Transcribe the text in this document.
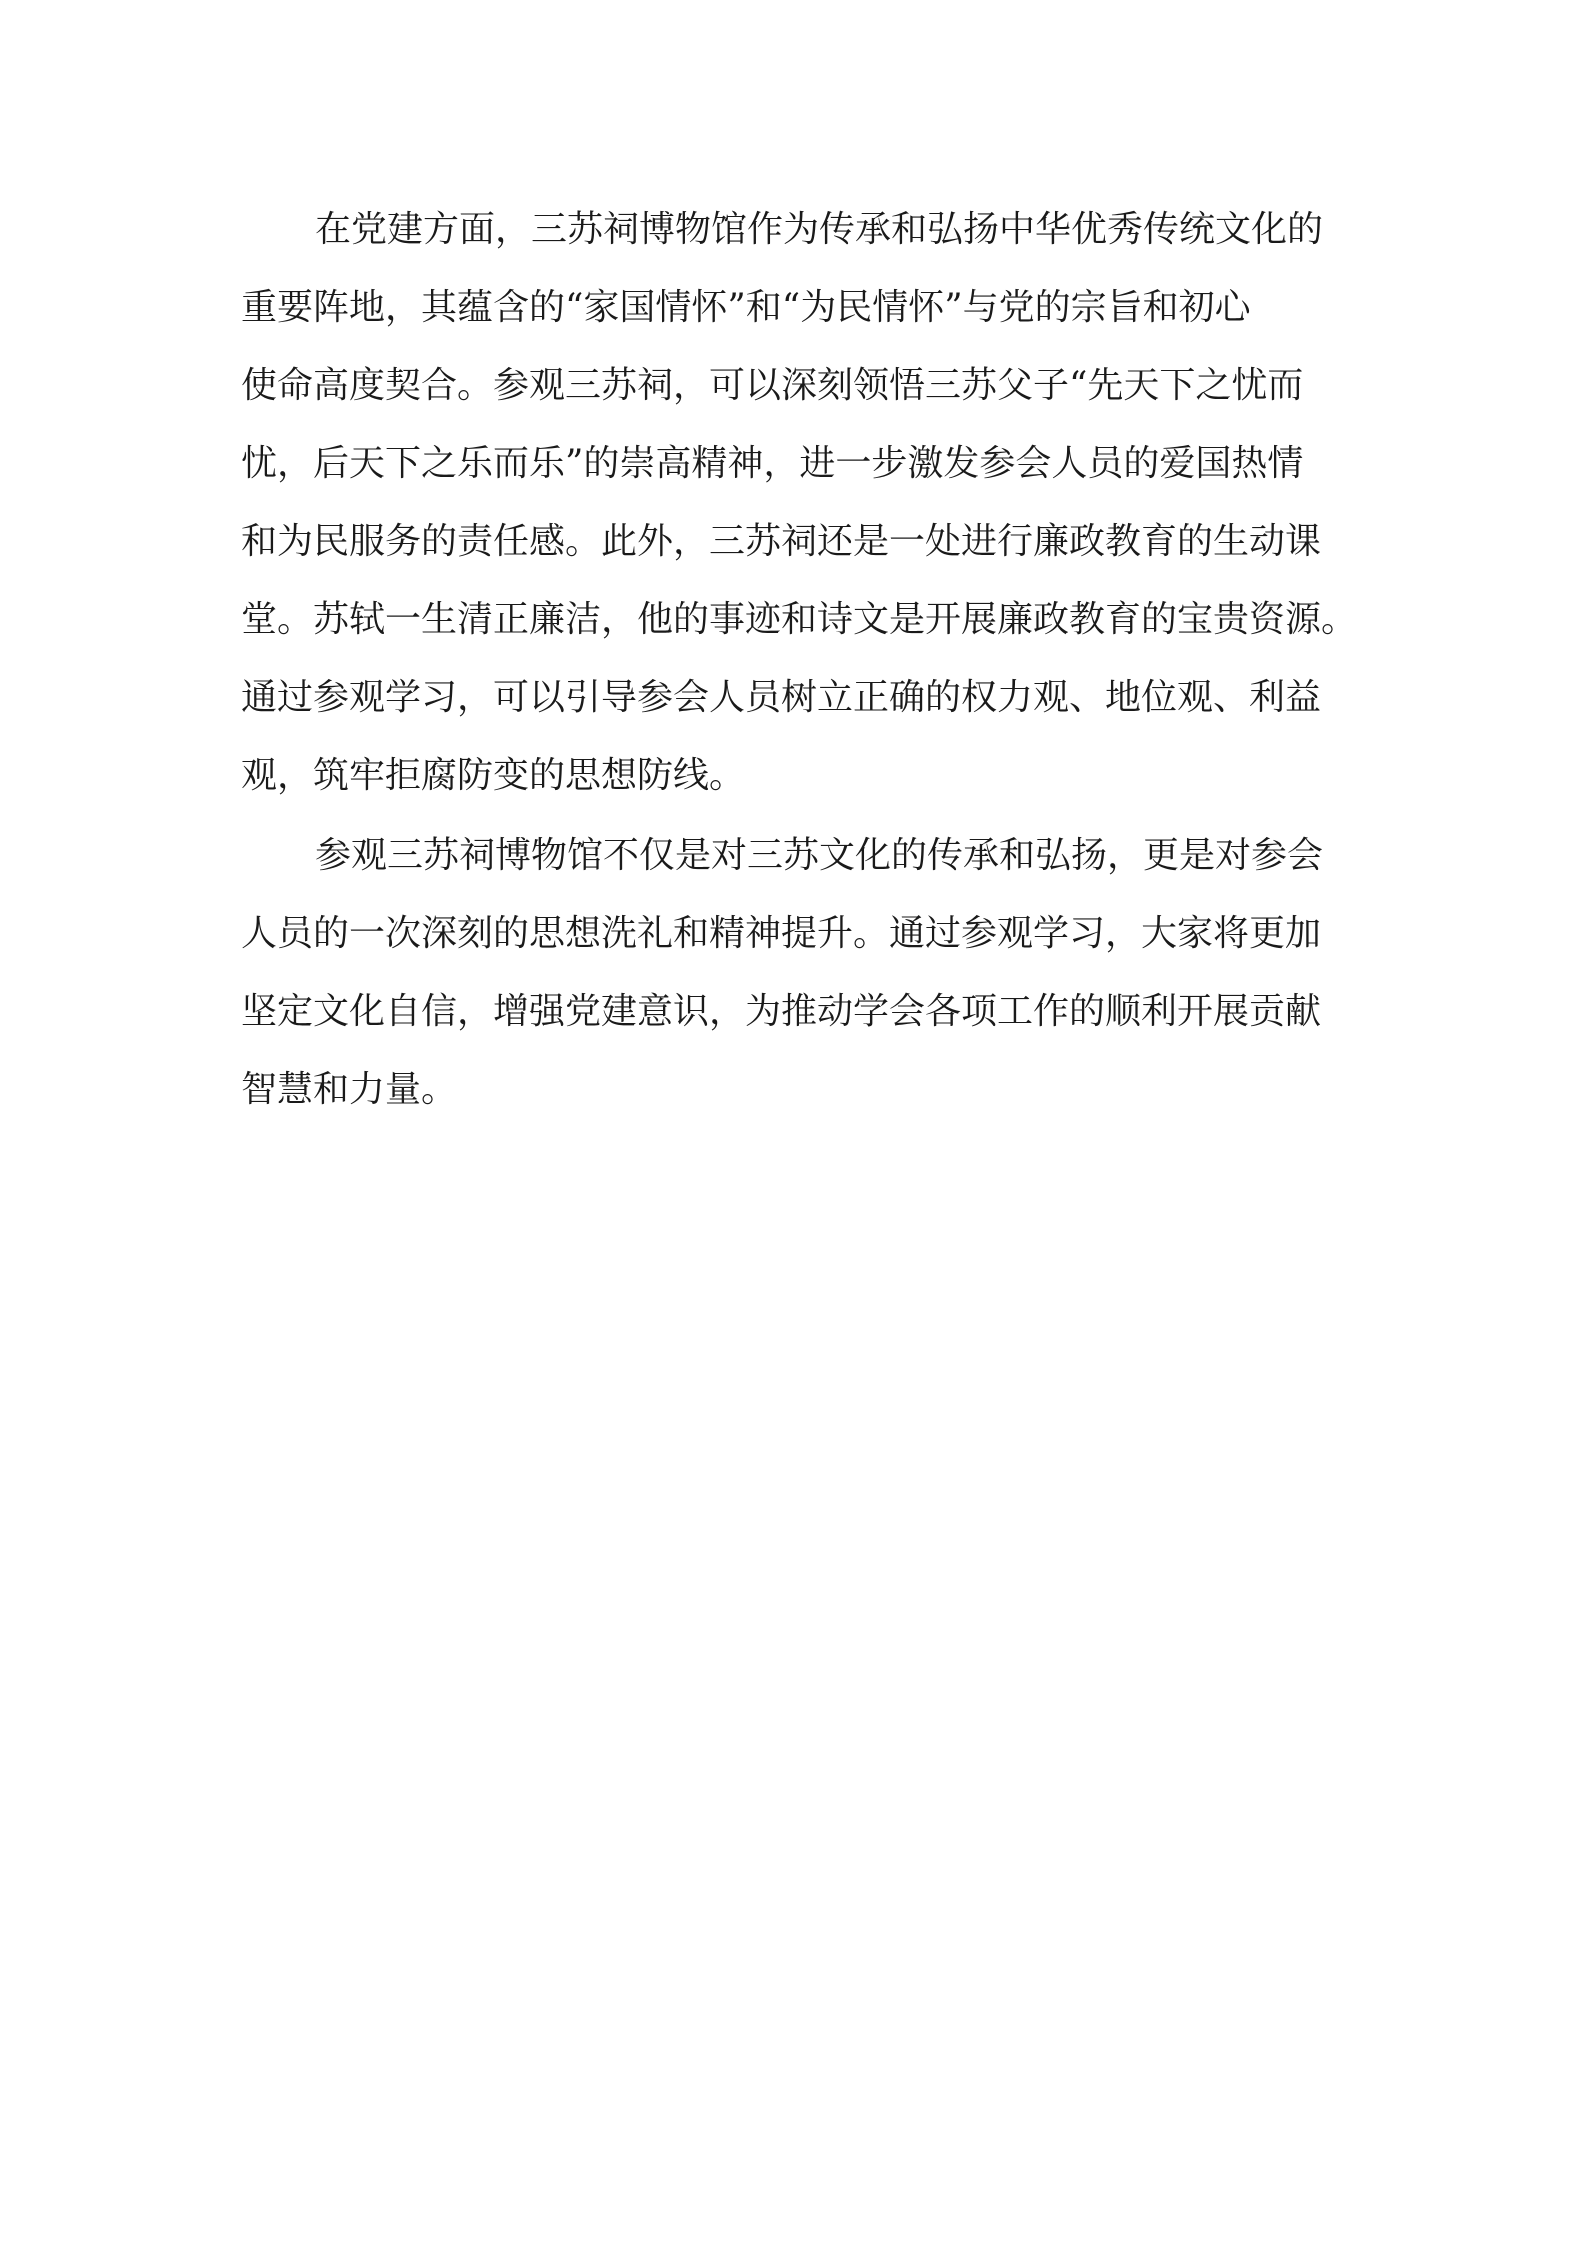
在党建方面，三苏祠博物馆作为传承和弘扬中华优秀传统文化的
重要阵地，其蕴含的“家国情怀”和“为民情怀”与党的宗旨和初心
使命高度契合。参观三苏祠，可以深刻领悟三苏父子“先天下之忧而
忧，后天下之乐而乐”的崇高精神，进一步激发参会人员的爱国热情
和为民服务的责任感。此外，三苏祠还是一处进行廉政教育的生动课
堂。苏轼一生清正廉洁，他的事迹和诗文是开展廉政教育的宝贵资源。
通过参观学习，可以引导参会人员树立正确的权力观、地位观、利益
观，筑牢拒腐防变的思想防线。

参观三苏祠博物馆不仅是对三苏文化的传承和弘扬，更是对参会
人员的一次深刻的思想洗礼和精神提升。通过参观学习，大家将更加
坚定文化自信，增强党建意识，为推动学会各项工作的顺利开展贡献
智慧和力量。
